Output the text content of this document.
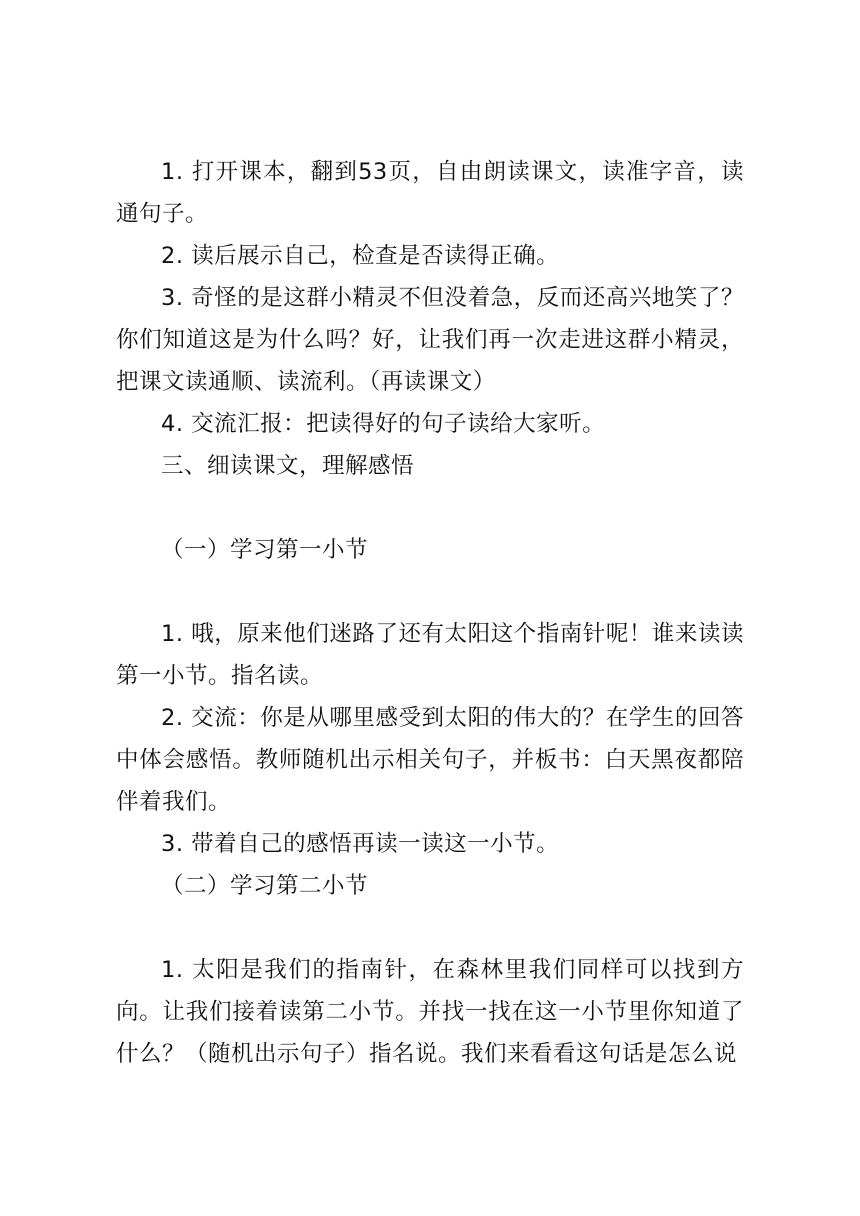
1. 打开课本，翻到53页，自由朗读课文，读准字音，读通句子。

2. 读后展示自己，检查是否读得正确。

3. 奇怪的是这群小精灵不但没着急，反而还高兴地笑了？你们知道这是为什么吗？好，让我们再一次走进这群小精灵，把课文读通顺、读流利。（再读课文）

4. 交流汇报：把读得好的句子读给大家听。

三、细读课文，理解感悟

（一）学习第一小节

1. 哦，原来他们迷路了还有太阳这个指南针呢！谁来读读第一小节。指名读。

2. 交流：你是从哪里感受到太阳的伟大的？在学生的回答中体会感悟。教师随机出示相关句子，并板书：白天黑夜都陪伴着我们。

3. 带着自己的感悟再读一读这一小节。

（二）学习第二小节

1. 太阳是我们的指南针，在森林里我们同样可以找到方向。让我们接着读第二小节。并找一找在这一小节里你知道了什么？（随机出示句子）指名说。我们来看看这句话是怎么说
